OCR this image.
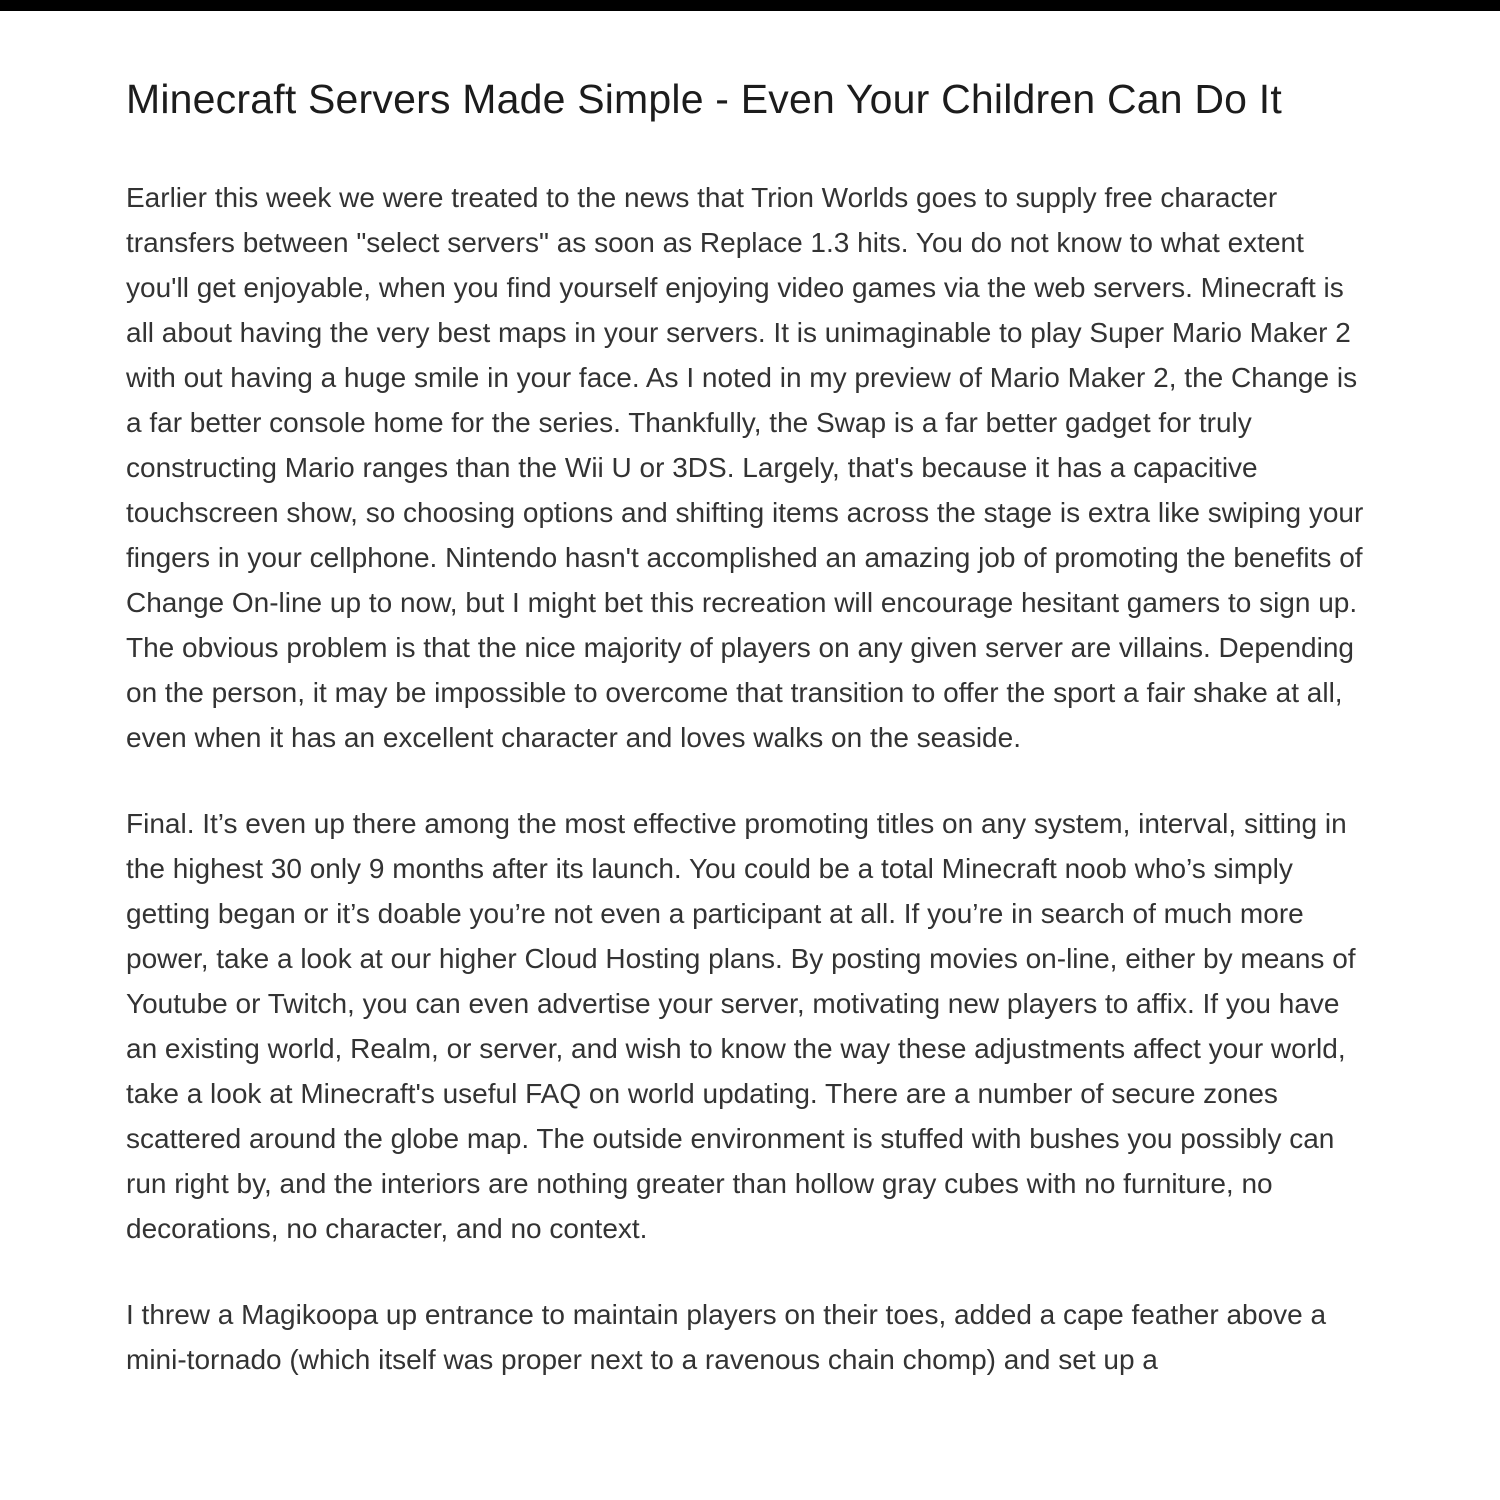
Minecraft Servers Made Simple - Even Your Children Can Do It

Earlier this week we were treated to the news that Trion Worlds goes to supply free character transfers between "select servers" as soon as Replace 1.3 hits. You do not know to what extent you'll get enjoyable, when you find yourself enjoying video games via the web servers. Minecraft is all about having the very best maps in your servers. It is unimaginable to play Super Mario Maker 2 with out having a huge smile in your face. As I noted in my preview of Mario Maker 2, the Change is a far better console home for the series. Thankfully, the Swap is a far better gadget for truly constructing Mario ranges than the Wii U or 3DS. Largely, that's because it has a capacitive touchscreen show, so choosing options and shifting items across the stage is extra like swiping your fingers in your cellphone. Nintendo hasn't accomplished an amazing job of promoting the benefits of Change On-line up to now, but I might bet this recreation will encourage hesitant gamers to sign up. The obvious problem is that the nice majority of players on any given server are villains. Depending on the person, it may be impossible to overcome that transition to offer the sport a fair shake at all, even when it has an excellent character and loves walks on the seaside.

Final. It’s even up there among the most effective promoting titles on any system, interval, sitting in the highest 30 only 9 months after its launch. You could be a total Minecraft noob who’s simply getting began or it’s doable you’re not even a participant at all. If you’re in search of much more power, take a look at our higher Cloud Hosting plans. By posting movies on-line, either by means of Youtube or Twitch, you can even advertise your server, motivating new players to affix. If you have an existing world, Realm, or server, and wish to know the way these adjustments affect your world, take a look at Minecraft's useful FAQ on world updating. There are a number of secure zones scattered around the globe map. The outside environment is stuffed with bushes you possibly can run right by, and the interiors are nothing greater than hollow gray cubes with no furniture, no decorations, no character, and no context.

I threw a Magikoopa up entrance to maintain players on their toes, added a cape feather above a mini-tornado (which itself was proper next to a ravenous chain chomp) and set up a
